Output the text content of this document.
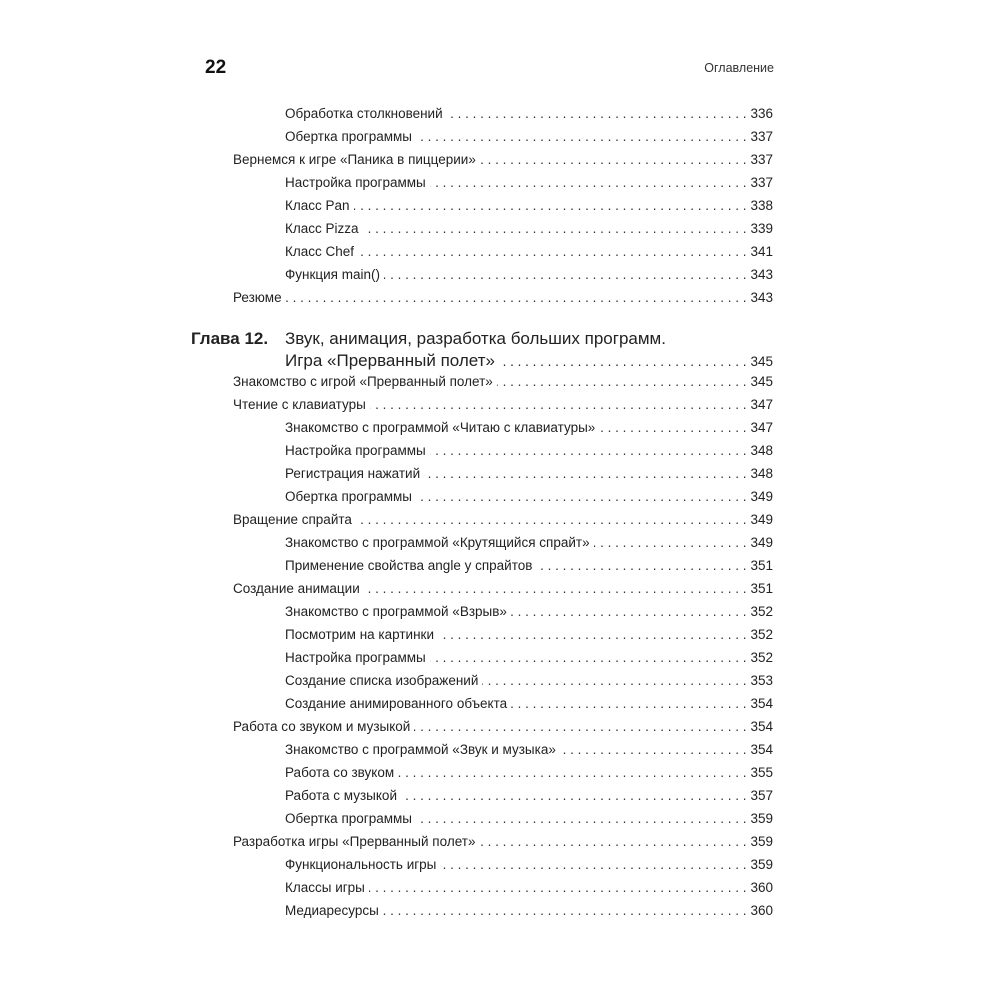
22	Оглавление
Обработка столкновений . . .	336
Обертка программы . . .	337
Вернемся к игре «Паника в пиццерии» . . .	337
Настройка программы . . .	337
Класс Pan . . .	338
Класс Pizza . . .	339
Класс Chef . . .	341
Функция main() . . .	343
Резюме . . .	343
Глава 12. Звук, анимация, разработка больших программ.
Игра «Прерванный полет» . . .	345
Знакомство с игрой «Прерванный полет» . . .	345
Чтение с клавиатуры . . .	347
Знакомство с программой «Читаю с клавиатуры» . . .	347
Настройка программы . . .	348
Регистрация нажатий . . .	348
Обертка программы . . .	349
Вращение спрайта . . .	349
Знакомство с программой «Крутящийся спрайт» . . .	349
Применение свойства angle у спрайтов . . .	351
Создание анимации . . .	351
Знакомство с программой «Взрыв» . . .	352
Посмотрим на картинки . . .	352
Настройка программы . . .	352
Создание списка изображений . . .	353
Создание анимированного объекта . . .	354
Работа со звуком и музыкой . . .	354
Знакомство с программой «Звук и музыка» . . .	354
Работа со звуком . . .	355
Работа с музыкой . . .	357
Обертка программы . . .	359
Разработка игры «Прерванный полет» . . .	359
Функциональность игры . . .	359
Классы игры . . .	360
Медиаресурсы . . .	360
